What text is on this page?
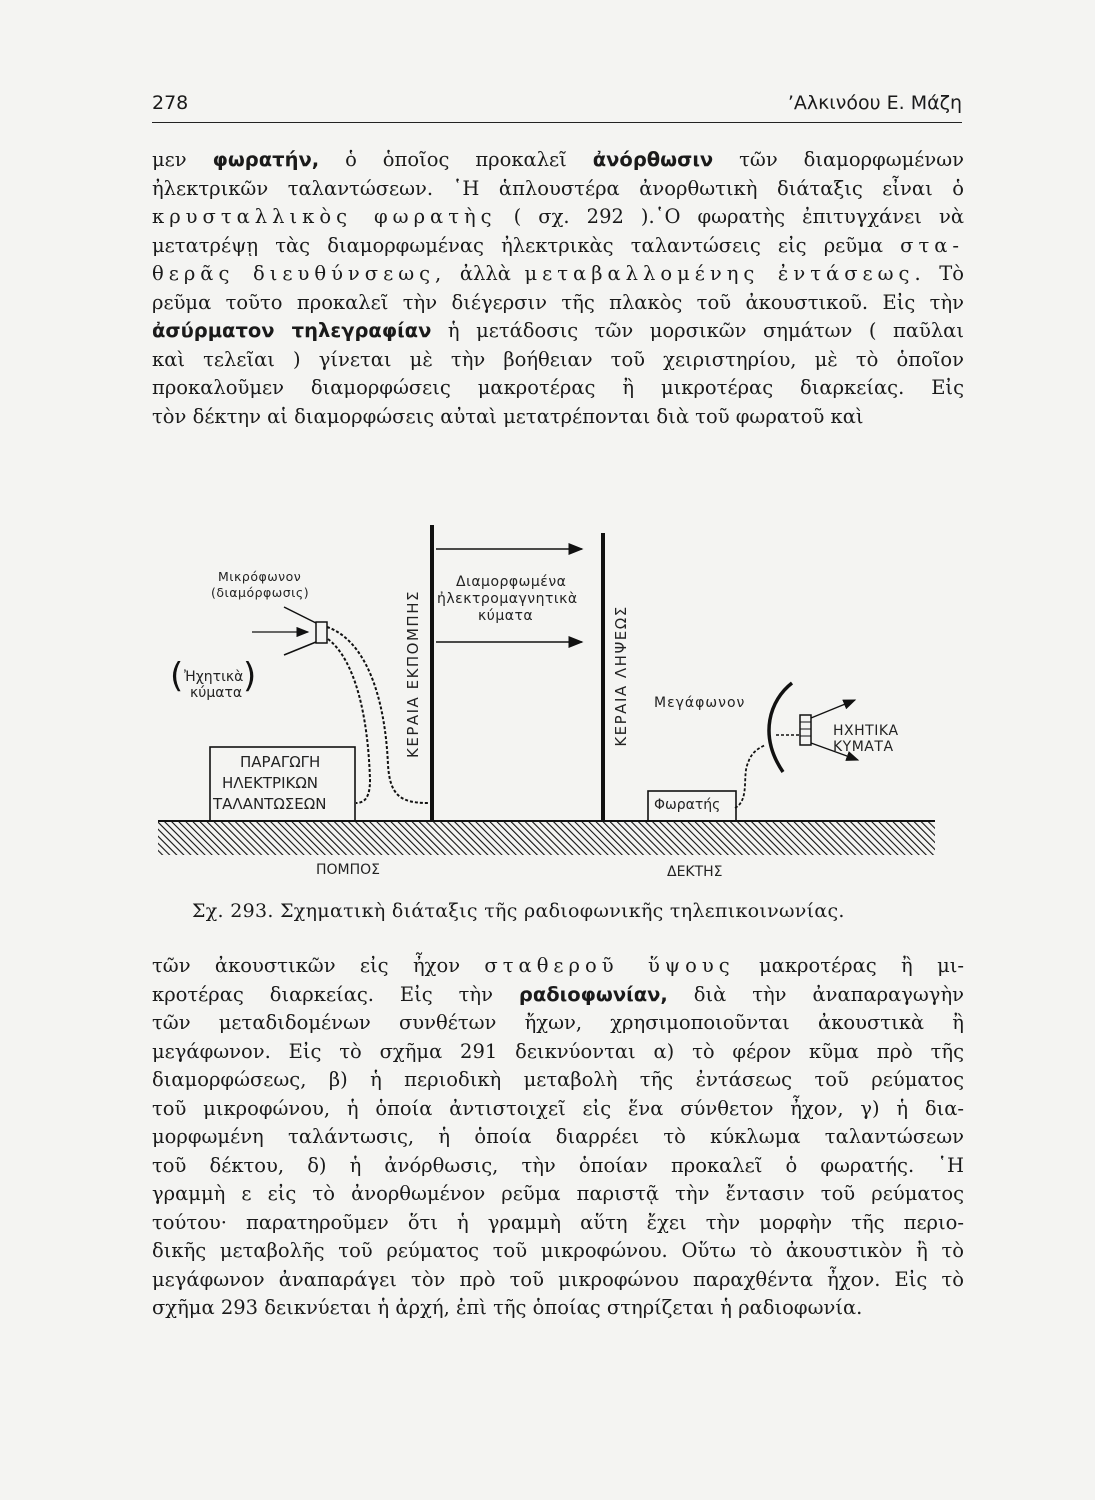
278	’Αλκινόου Ε. Μάζη
μεν φωρατήν, ὁ ὁποῖος προκαλεῖ ἀνόρθωσιν τῶν διαμορφωμένων
ἠλεκτρικῶν ταλαντώσεων. ῾Η ἁπλουστέρα ἀνορθωτικὴ διάταξις εἶναι ὁ
κρυσταλλικὸς φωρατὴς ( σχ. 292 ).῾Ο φωρατὴς ἐπιτυγχάνει νὰ
μετατρέψῃ τὰς διαμορφωμένας ἠλεκτρικὰς ταλαντώσεις εἰς ρεῦμα στα-
θερᾶς διευθύνσεως, ἀλλὰ μεταβαλλομένης ἐντάσεως. Τὸ
ρεῦμα τοῦτο προκαλεῖ τὴν διέγερσιν τῆς πλακὸς τοῦ ἀκουστικοῦ. Εἰς τὴν
ἀσύρματον τηλεγραφίαν ἡ μετάδοσις τῶν μορσικῶν σημάτων ( παῦλαι
καὶ τελεῖαι ) γίνεται μὲ τὴν βοήθειαν τοῦ χειριστηρίου, μὲ τὸ ὁποῖον
προκαλοῦμεν διαμορφώσεις μακροτέρας ἢ μικροτέρας διαρκείας. Εἰς
τὸν δέκτην αἱ διαμορφώσεις αὐταὶ μετατρέπονται διὰ τοῦ φωρατοῦ καὶ
( )
Μικρόφωνον
(διαμόρφωσις)
Ἠχητικὰ
κύματα
ΠΑΡΑΓΩΓΗ
ΗΛΕΚΤΡΙΚΩΝ
ΤΑΛΑΝΤΩΣΕΩΝ
ΚΕΡΑΙΑ ΕΚΠΟΜΠΗΣ
Διαμορφωμένα
ἠλεκτρομαγνητικὰ
κύματα	ΚΕΡΑΙΑ ΛΗΨΕΩΣ Μεγάφωνον
ΗΧΗΤΙΚΑ
ΚΥΜΑΤΑ
Φωρατής
ΠΟΜΠΟΣ	ΔΕΚΤΗΣ
Σχ. 293. Σχηματικὴ διάταξις τῆς ραδιοφωνικῆς τηλεπικοινωνίας.
τῶν ἀκουστικῶν εἰς ἦχον σταθεροῦ ὕψους μακροτέρας ἢ μι-
κροτέρας διαρκείας. Εἰς τὴν ραδιοφωνίαν, διὰ τὴν ἀναπαραγωγὴν
τῶν μεταδιδομένων συνθέτων ἤχων, χρησιμοποιοῦνται ἀκουστικὰ ἢ
μεγάφωνον. Εἰς τὸ σχῆμα 291 δεικνύονται α) τὸ φέρον κῦμα πρὸ τῆς
διαμορφώσεως, β) ἡ περιοδικὴ μεταβολὴ τῆς ἐντάσεως τοῦ ρεύματος
τοῦ μικροφώνου, ἡ ὁποία ἀντιστοιχεῖ εἰς ἕνα σύνθετον ἦχον, γ) ἡ δια-
μορφωμένη ταλάντωσις, ἡ ὁποία διαρρέει τὸ κύκλωμα ταλαντώσεων
τοῦ δέκτου, δ) ἡ ἀνόρθωσις, τὴν ὁποίαν προκαλεῖ ὁ φωρατής. ῾Η
γραμμὴ ε εἰς τὸ ἀνορθωμένον ρεῦμα παριστᾷ τὴν ἔντασιν τοῦ ρεύματος
τούτου· παρατηροῦμεν ὅτι ἡ γραμμὴ αὕτη ἔχει τὴν μορφὴν τῆς περιο-
δικῆς μεταβολῆς τοῦ ρεύματος τοῦ μικροφώνου. Οὕτω τὸ ἀκουστικὸν ἢ τὸ
μεγάφωνον ἀναπαράγει τὸν πρὸ τοῦ μικροφώνου παραχθέντα ἦχον. Εἰς τὸ
σχῆμα 293 δεικνύεται ἡ ἀρχή, ἐπὶ τῆς ὁποίας στηρίζεται ἡ ραδιοφωνία.
